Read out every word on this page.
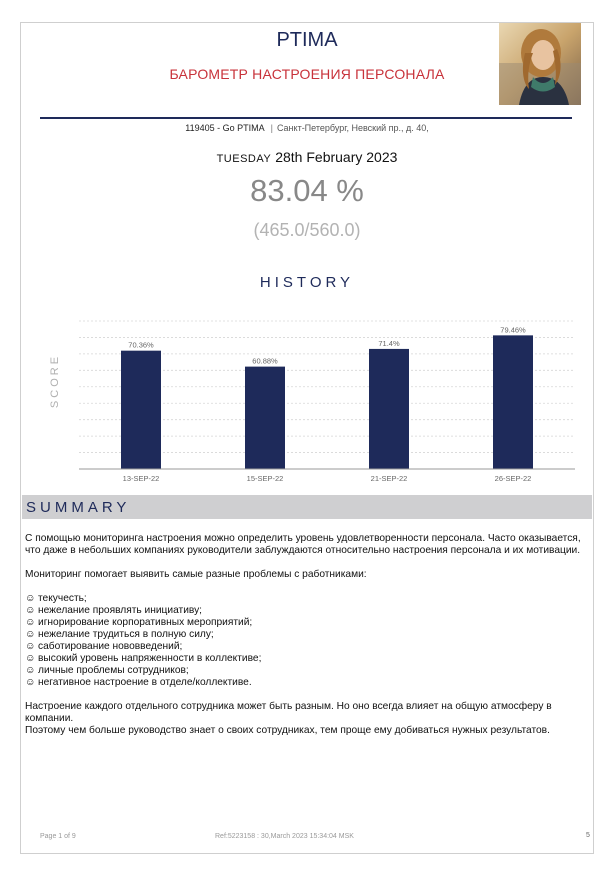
PTIMA
БАРОМЕТР НАСТРОЕНИЯ ПЕРСОНАЛА
119405 - Go PTIMA | Санкт-Петербург, Невский пр., д. 40,
TUESDAY 28th February 2023
83.04 %
(465.0/560.0)
HISTORY
SCORE
70.36%
13-SEP-22
60.88%
15-SEP-22
71.4%
21-SEP-22
79.46%
26-SEP-22
SUMMARY

С помощью мониторинга настроения можно определить уровень удовлетворенности персонала. Часто оказывается, что даже в небольших компаниях руководители заблуждаются относительно настроения персонала и их мотивации.

Мониторинг помогает выявить самые разные проблемы с работниками:

☺ текучесть;
☺ нежелание проявлять инициативу;
☺ игнорирование корпоративных мероприятий;
☺ нежелание трудиться в полную силу;
☺ саботирование нововведений;
☺ высокий уровень напряженности в коллективе;
☺ личные проблемы сотрудников;
☺ негативное настроение в отделе/коллективе.

Настроение каждого отдельного сотрудника может быть разным. Но оно всегда влияет на общую атмосферу в компании.

Поэтому чем больше руководство знает о своих сотрудниках, тем проще ему добиваться нужных результатов.

Page 1 of 9	Ref:5223158 : 30,March 2023 15:34:04 MSK	5
